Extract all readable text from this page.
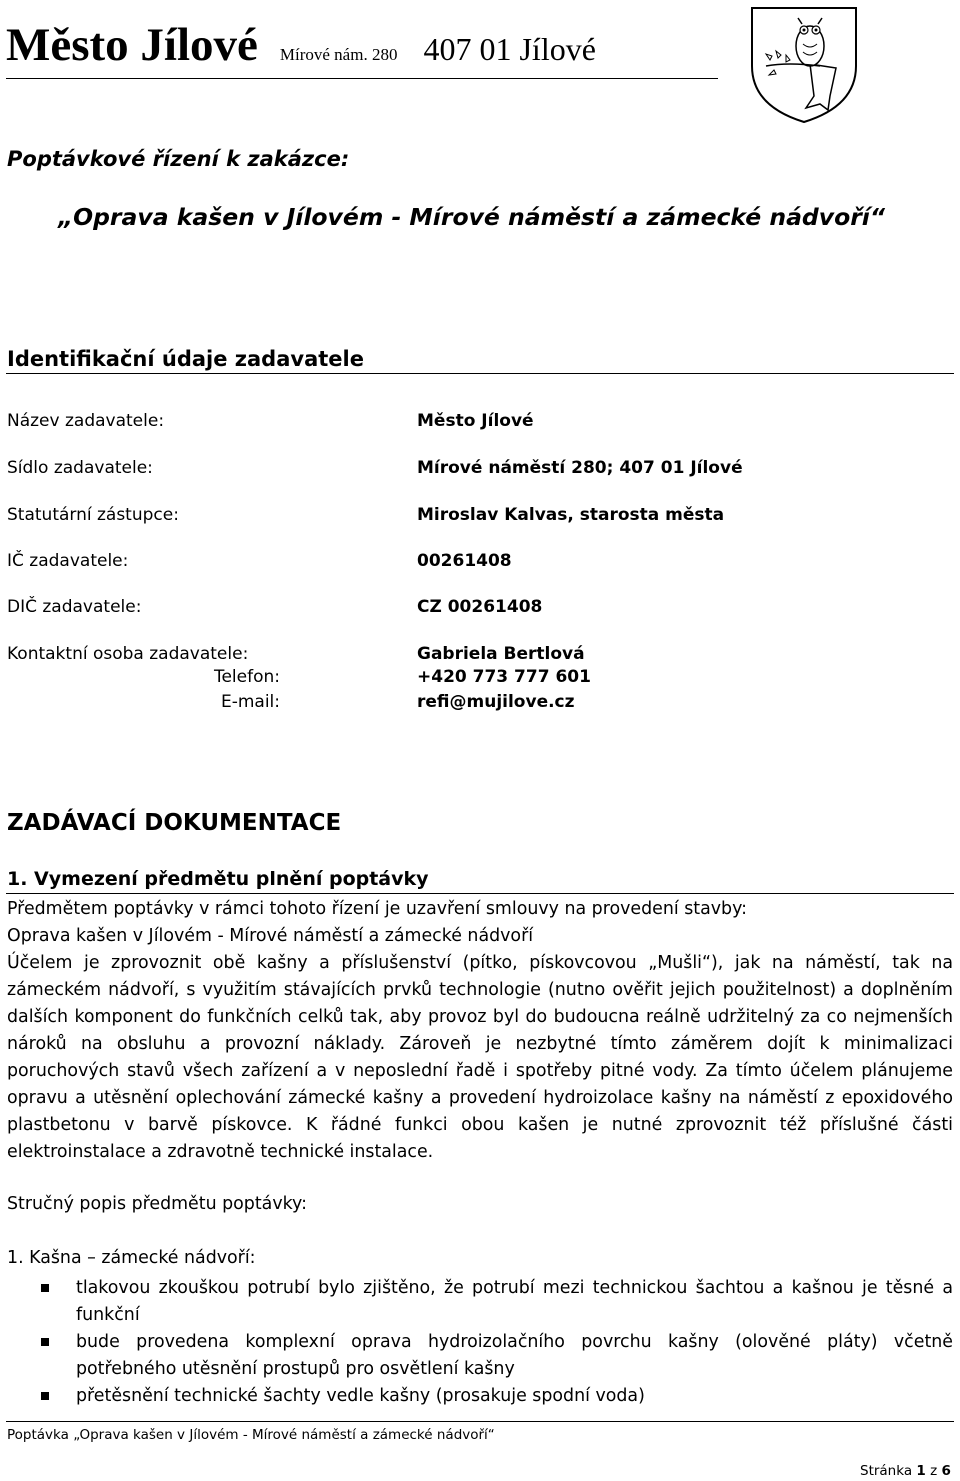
Město Jílové Mírové nám. 280 407 01 Jílové
Poptávkové řízení k zakázce:
„Oprava kašen v Jílovém - Mírové náměstí a zámecké nádvoří“
Identifikační údaje zadavatele
Název zadavatele:	Město Jílové
Sídlo zadavatele:	Mírové náměstí 280; 407 01 Jílové
Statutární zástupce:	Miroslav Kalvas, starosta města
IČ zadavatele:	00261408
DIČ zadavatele:	CZ 00261408
Kontaktní osoba zadavatele:	Gabriela Bertlová
Telefon:	+420 773 777 601
E-mail:	refi@mujilove.cz
ZADÁVACÍ DOKUMENTACE
1. Vymezení předmětu plnění poptávky

Předmětem poptávky v rámci tohoto řízení je uzavření smlouvy na provedení stavby:

Oprava kašen v Jílovém - Mírové náměstí a zámecké nádvoří

Účelem je zprovoznit obě kašny a příslušenství (pítko, pískovcovou „Mušli“), jak na náměstí, tak na zámeckém nádvoří, s využitím stávajících prvků technologie (nutno ověřit jejich použitelnost) a doplněním dalších komponent do funkčních celků tak, aby provoz byl do budoucna reálně udržitelný za co nejmenších nároků na obsluhu a provozní náklady. Zároveň je nezbytné tímto záměrem dojít k minimalizaci poruchových stavů všech zařízení a v neposlední řadě i spotřeby pitné vody. Za tímto účelem plánujeme opravu a utěsnění oplechování zámecké kašny a provedení hydroizolace kašny na náměstí z epoxidového plastbetonu v barvě pískovce. K řádné funkci obou kašen je nutné zprovoznit též příslušné části elektroinstalace a zdravotně technické instalace.

Stručný popis předmětu poptávky:
1. Kašna – zámecké nádvoří:
tlakovou zkouškou potrubí bylo zjištěno, že potrubí mezi technickou šachtou a kašnou je těsné a funkční
bude provedena komplexní oprava hydroizolačního povrchu kašny (olověné pláty) včetně potřebného utěsnění prostupů pro osvětlení kašny
přetěsnění technické šachty vedle kašny (prosakuje spodní voda)
Poptávka „Oprava kašen v Jílovém - Mírové náměstí a zámecké nádvoří“
Stránka 1 z 6
